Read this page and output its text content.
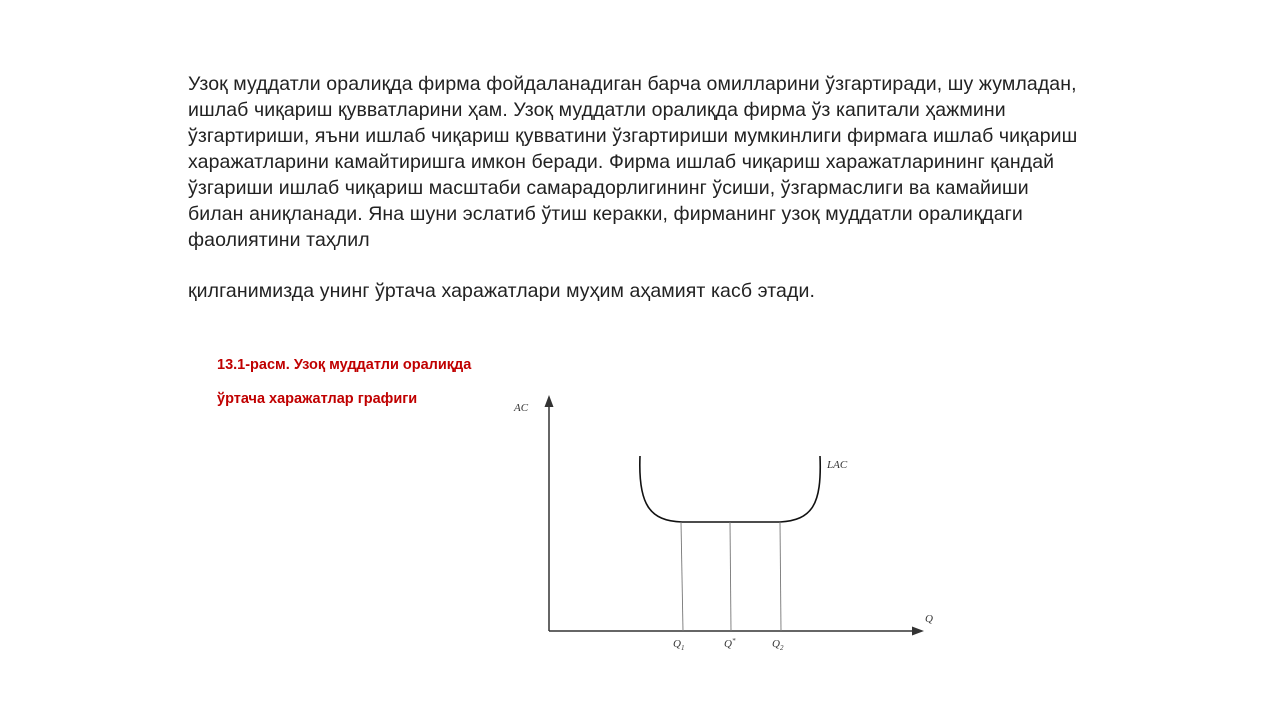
Узоқ муддатли оралиқда фирма фойдаланадиган барча омилларини ўзгартиради, шу жумладан, ишлаб чиқариш қувватларини ҳам. Узоқ муддатли оралиқда фирма ўз капитали ҳажмини ўзгартириши, яъни ишлаб чиқариш қувватини ўзгартириши мумкинлиги фирмага ишлаб чиқариш харажатларини камайтиришга имкон беради. Фирма ишлаб чиқариш харажатларининг қандай ўзгариши ишлаб чиқариш масштаби самарадорлигининг ўсиши, ўзгармаслиги ва камайиши билан аниқланади. Яна шуни эслатиб ўтиш керакки, фирманинг узоқ муддатли оралиқдаги фаолиятини таҳлил
қилганимизда унинг ўртача харажатлари муҳим аҳамият касб этади.
13.1-расм. Узоқ муддатли оралиқда
ўртача харажатлар графиги
AC
Q
LAC
$Q_1$	Q*	$Q_2$
